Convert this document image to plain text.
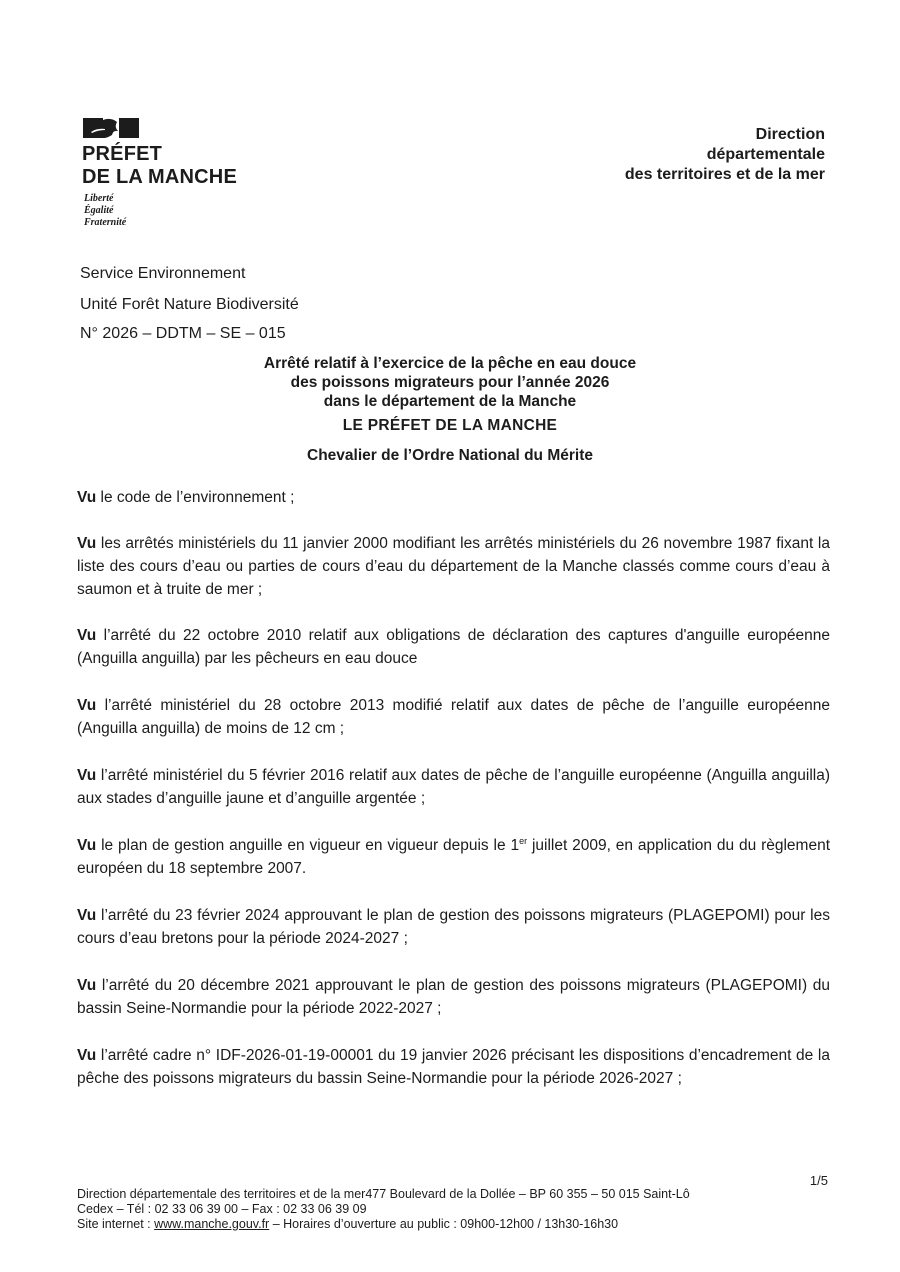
PRÉFET
DE LA MANCHE
Liberté
Égalité
Fraternité
Direction
départementale
des territoires et de la mer
Service Environnement
Unité Forêt Nature Biodiversité
N° 2026 – DDTM – SE – 015
Arrêté relatif à l’exercice de la pêche en eau douce
des poissons migrateurs pour l’année 2026
dans le département de la Manche
LE PRÉFET DE LA MANCHE
Chevalier de l’Ordre National du Mérite
Vu le code de l’environnement ;
Vu les arrêtés ministériels du 11 janvier 2000 modifiant les arrêtés ministériels du 26 novembre 1987 fixant la liste des cours d’eau ou parties de cours d’eau du département de la Manche classés comme cours d’eau à saumon et à truite de mer ;
Vu l’arrêté du 22 octobre 2010 relatif aux obligations de déclaration des captures d'anguille européenne (Anguilla anguilla) par les pêcheurs en eau douce
Vu l’arrêté ministériel du 28 octobre 2013 modifié relatif aux dates de pêche de l’anguille européenne (Anguilla anguilla) de moins de 12 cm ;
Vu l’arrêté ministériel du 5 février 2016 relatif aux dates de pêche de l’anguille européenne (Anguilla anguilla) aux stades d’anguille jaune et d’anguille argentée ;
Vu le plan de gestion anguille en vigueur en vigueur depuis le 1er juillet 2009, en application du du règlement européen du 18 septembre 2007.
Vu l’arrêté du 23 février 2024 approuvant le plan de gestion des poissons migrateurs (PLAGEPOMI) pour les cours d’eau bretons pour la période 2024-2027 ;
Vu l’arrêté du 20 décembre 2021 approuvant le plan de gestion des poissons migrateurs (PLAGEPOMI) du bassin Seine-Normandie pour la période 2022-2027 ;
Vu l’arrêté cadre n° IDF-2026-01-19-00001 du 19 janvier 2026 précisant les dispositions d’encadrement de la pêche des poissons migrateurs du bassin Seine-Normandie pour la période 2026-2027 ;
1/5
Direction départementale des territoires et de la mer477 Boulevard de la Dollée – BP 60 355 – 50 015 Saint-Lô
Cedex – Tél : 02 33 06 39 00 – Fax : 02 33 06 39 09
Site internet : www.manche.gouv.fr – Horaires d’ouverture au public : 09h00-12h00 / 13h30-16h30
